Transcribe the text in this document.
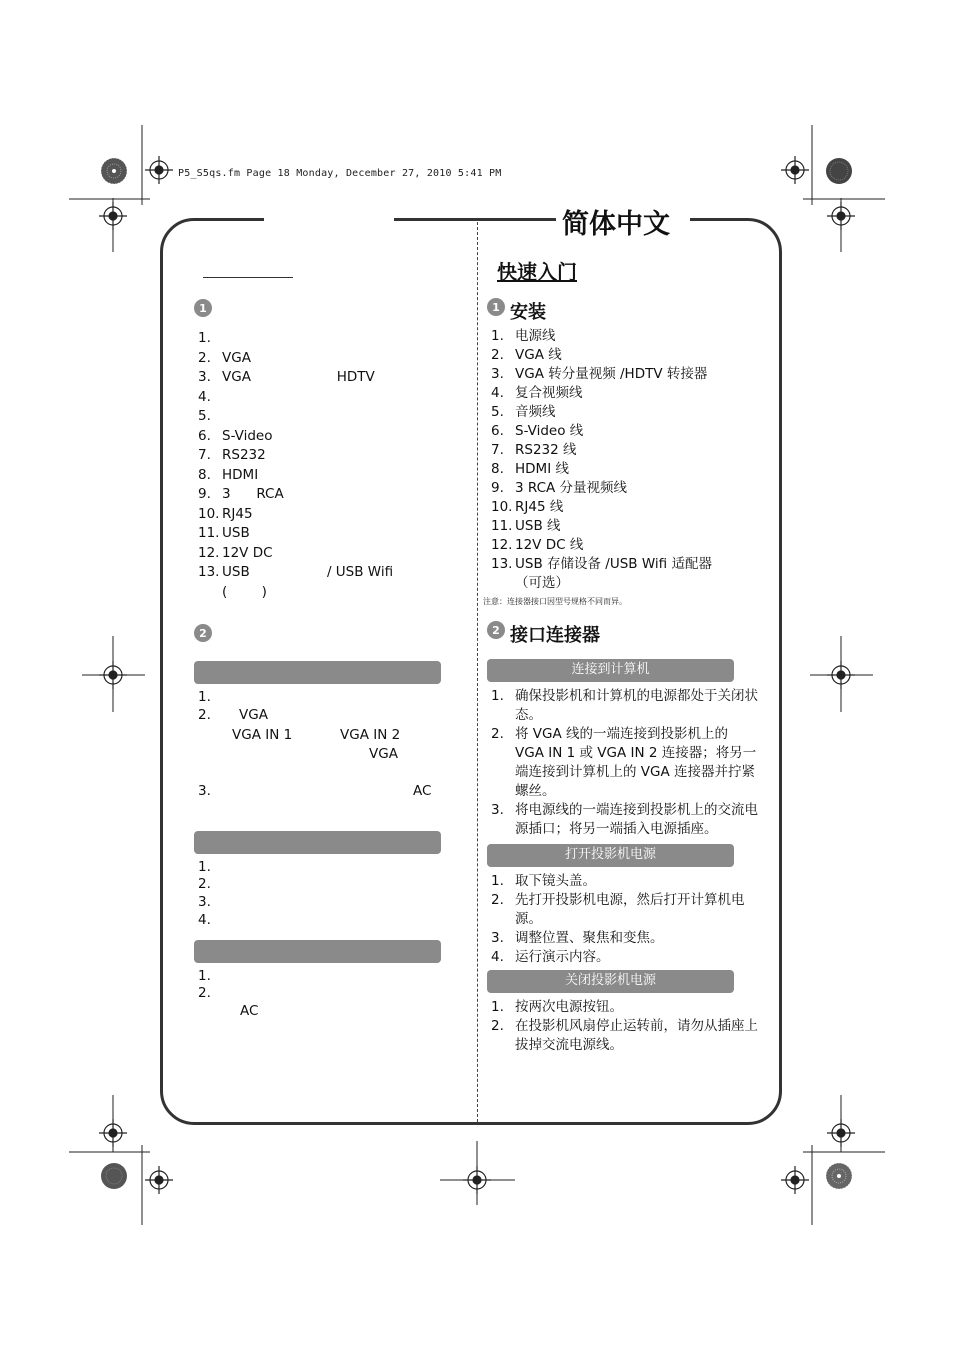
P5_S5qs.fm Page 18 Monday, December 27, 2010 5:41 PM
简体中文
1
1.
2. VGA
3. VGA                    HDTV
4.
5.
6. S-Video
7. RS232
8. HDMI
9. 3      RCA
10. RJ45
11. USB
12. 12V DC
13. USB                  / USB Wifi
(        )
2
1.
2. VGA
VGA IN 1	VGA IN 2
VGA
3.	AC
1.
2.
3.
4.
1.
2.
AC
快速入门
1 安装
1. 电源线
2. VGA 线
3. VGA 转分量视频 /HDTV 转接器
4. 复合视频线
5. 音频线
6. S-Video 线
7. RS232 线
8. HDMI 线
9. 3 RCA 分量视频线
10. RJ45 线
11. USB 线
12. 12V DC 线
13. USB 存储设备 /USB Wifi 适配器
（可选）
注意：连接器接口因型号规格不同而异。
2 接口连接器
连接到计算机
1. 确保投影机和计算机的电源都处于关闭状态。
2. 将 VGA 线的一端连接到投影机上的 VGA IN 1 或 VGA IN 2 连接器；将另一端连接到计算机上的 VGA 连接器并拧紧螺丝。
3. 将电源线的一端连接到投影机上的交流电源插口；将另一端插入电源插座。
打开投影机电源
1. 取下镜头盖。
2. 先打开投影机电源，然后打开计算机电源。
3. 调整位置、聚焦和变焦。
4. 运行演示内容。
关闭投影机电源
1. 按两次电源按钮。
2. 在投影机风扇停止运转前，请勿从插座上拔掉交流电源线。
